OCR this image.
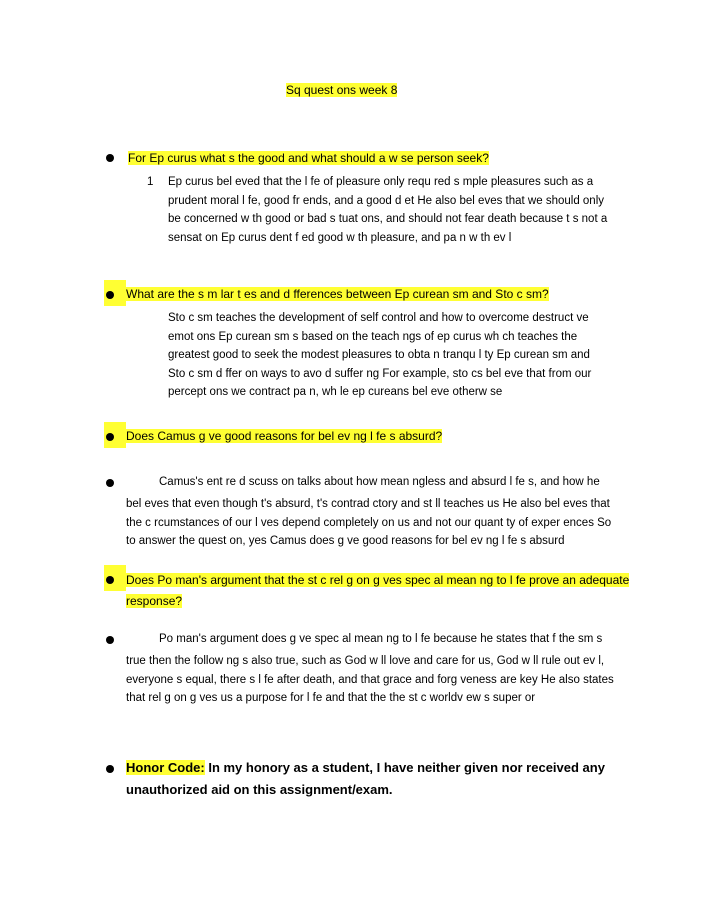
Sq quest ons week 8
For Ep curus what s the good and what should a w se person seek?
1 Ep curus bel eved that the l fe of pleasure only requ red s mple pleasures such as a
prudent moral l fe, good fr ends, and a good d et He also bel eves that we should only
be concerned w th good or bad s tuat ons, and should not fear death because t s not a
sensat on Ep curus dent f ed good w th pleasure, and pa n w th ev l
What are the s m lar t es and d fferences between Ep curean sm and Sto c sm?
Sto c sm teaches the development of self control and how to overcome destruct ve
emot ons Ep curean sm s based on the teach ngs of ep curus wh ch teaches the
greatest good to seek the modest pleasures to obta n tranqu l ty Ep curean sm and
Sto c sm d ffer on ways to avo d suffer ng For example, sto cs bel eve that from our
percept ons we contract pa n, wh le ep cureans bel eve otherw se
Does Camus g ve good reasons for bel ev ng l fe s absurd?
Camus's ent re d scuss on talks about how mean ngless and absurd l fe s, and how he
bel eves that even though t's absurd, t's contrad ctory and st ll teaches us He also bel eves that
the c rcumstances of our l ves depend completely on us and not our quant ty of exper ences So
to answer the quest on, yes Camus does g ve good reasons for bel ev ng l fe s absurd
Does Po man's argument that the st c rel g on g ves spec al mean ng to l fe prove an adequate
response?
Po man's argument does g ve spec al mean ng to l fe because he states that f the sm s
true then the follow ng s also true, such as God w ll love and care for us, God w ll rule out ev l,
everyone s equal, there s l fe after death, and that grace and forg veness are key He also states
that rel g on g ves us a purpose for l fe and that the the st c worldv ew s super or
Honor Code: In my honory as a student, I have neither given nor received any
unauthorized aid on this assignment/exam.
